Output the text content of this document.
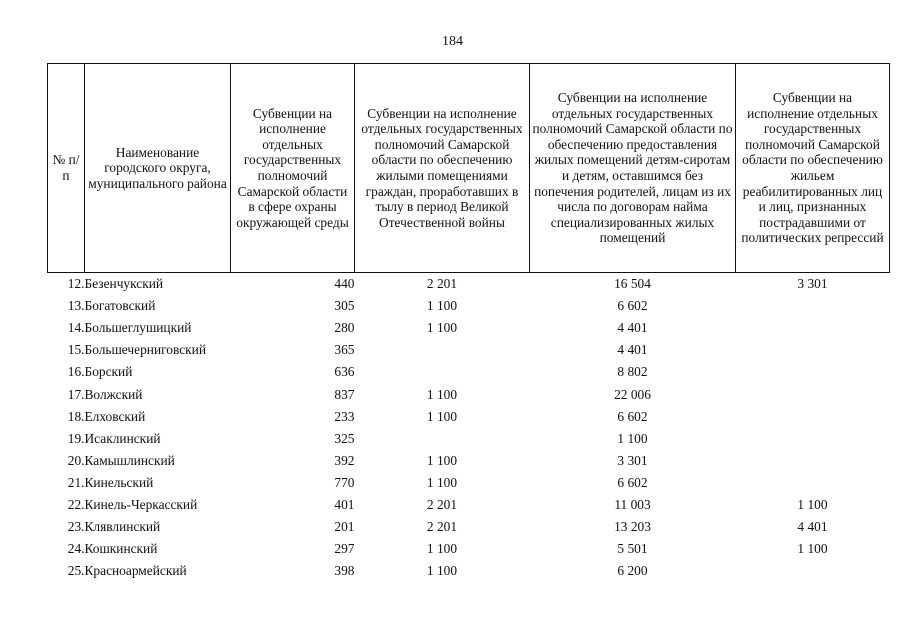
184
№ п/п	Наименование городского округа, муниципального района	Субвенции на исполнение отдельных государственных полномочий Самарской области в сфере охраны окружающей среды	Субвенции на исполнение отдельных государственных полномочий Самарской области по обеспечению жилыми помещениями граждан, проработавших в тылу в период Великой Отечественной войны	Субвенции на исполнение отдельных государственных полномочий Самарской области по обеспечению предоставления жилых помещений детям-сиротам и детям, оставшимся без попечения родителей, лицам из их числа по договорам найма специализированных жилых помещений	Субвенции на исполнение отдельных государственных полномочий Самарской области по обеспечению жильем реабилитированных лиц и лиц, признанных пострадавшими от политических репрессий
12.	Безенчукский	440	2 201	16 504	3 301
13.	Богатовский	305	1 100	6 602	
14.	Большеглушицкий	280	1 100	4 401	
15.	Большечерниговский	365		4 401	
16.	Борский	636		8 802	
17.	Волжский	837	1 100	22 006	
18.	Елховский	233	1 100	6 602	
19.	Исаклинский	325		1 100	
20.	Камышлинский	392	1 100	3 301	
21.	Кинельский	770	1 100	6 602	
22.	Кинель-Черкасский	401	2 201	11 003	1 100
23.	Клявлинский	201	2 201	13 203	4 401
24.	Кошкинский	297	1 100	5 501	1 100
25.	Красноармейский	398	1 100	6 200	
